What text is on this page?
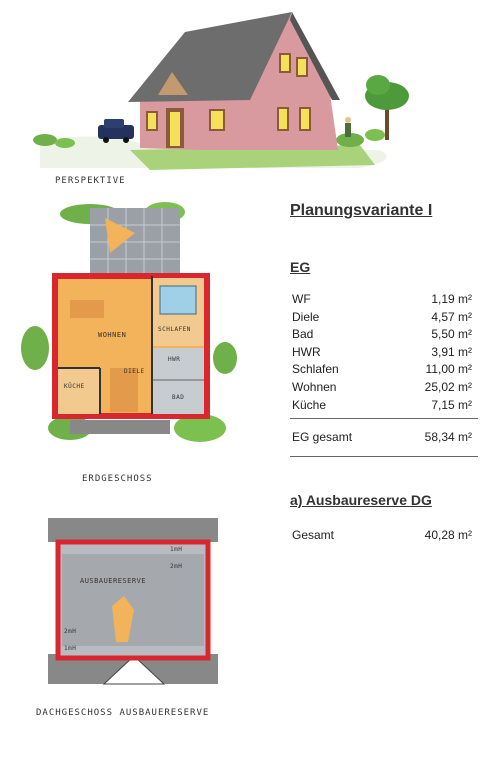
PERSPEKTIVE
WOHNEN
SCHLAFEN
KÜCHE
DIELE
HWR
BAD
ERDGESCHOSS
AUSBAUERESERVE
1mH
2mH
2mH
1mH
DACHGESCHOSS AUSBAUERESERVE
Planungsvariante I
EG
WF	1,19 m²
Diele	4,57 m²
Bad	5,50 m²
HWR	3,91 m²
Schlafen	11,00 m²
Wohnen	25,02 m²
Küche	7,15 m²
EG gesamt	58,34 m²
a) Ausbaureserve DG
Gesamt	40,28 m²
